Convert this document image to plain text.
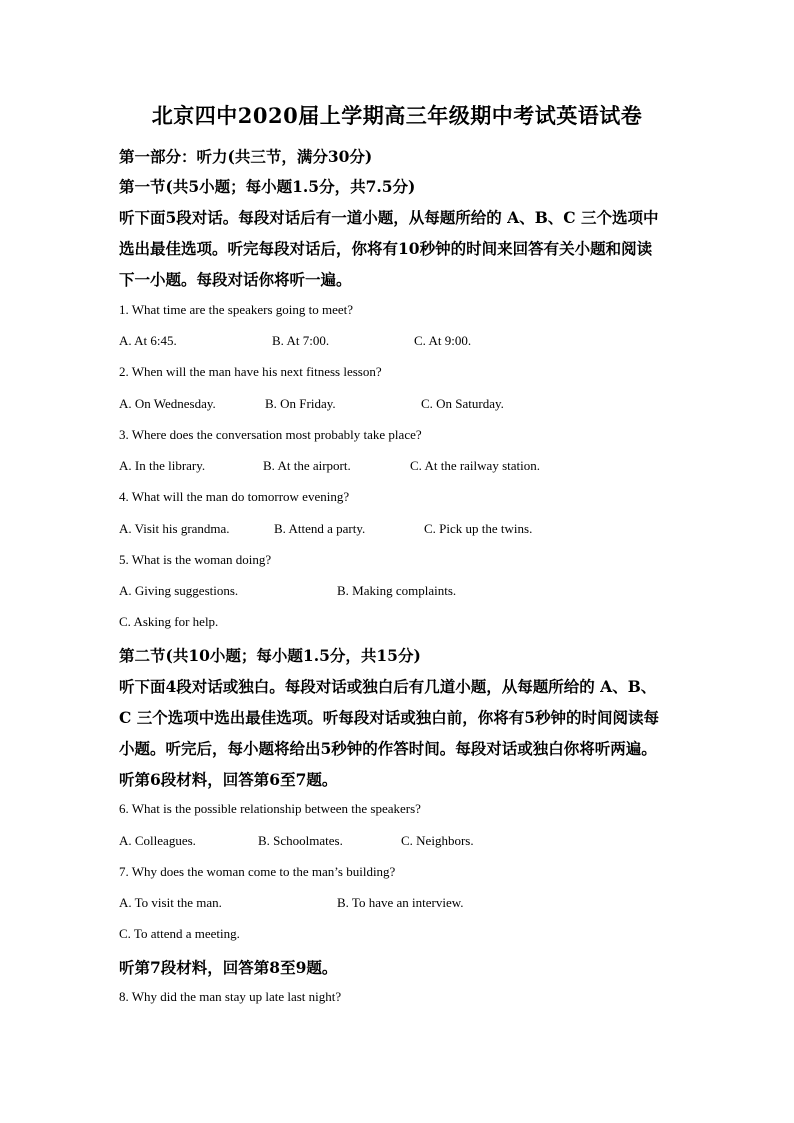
北京四中2020届上学期高三年级期中考试英语试卷
第一部分：听力(共三节，满分30分)
第一节(共5小题；每小题1.5分，共7.5分)
听下面5段对话。每段对话后有一道小题，从每题所给的 A、B、C 三个选项中
选出最佳选项。听完每段对话后，你将有10秒钟的时间来回答有关小题和阅读
下一小题。每段对话你将听一遍。
1. What time are the speakers going to meet?
A. At 6:45.	B. At 7:00.	C. At 9:00.
2. When will the man have his next fitness lesson?
A. On Wednesday.	B. On Friday.	C. On Saturday.
3. Where does the conversation most probably take place?
A. In the library.	B. At the airport.	C. At the railway station.
4. What will the man do tomorrow evening?
A. Visit his grandma.	B. Attend a party.	C. Pick up the twins.
5. What is the woman doing?
A. Giving suggestions.	B. Making complaints.
C. Asking for help.
第二节(共10小题；每小题1.5分，共15分)
听下面4段对话或独白。每段对话或独白后有几道小题，从每题所给的 A、B、
C 三个选项中选出最佳选项。听每段对话或独白前，你将有5秒钟的时间阅读每
小题。听完后，每小题将给出5秒钟的作答时间。每段对话或独白你将听两遍。
听第6段材料，回答第6至7题。
6. What is the possible relationship between the speakers?
A. Colleagues.	B. Schoolmates.	C. Neighbors.
7. Why does the woman come to the man’s building?
A. To visit the man.	B. To have an interview.
C. To attend a meeting.
听第7段材料，回答第8至9题。
8. Why did the man stay up late last night?
